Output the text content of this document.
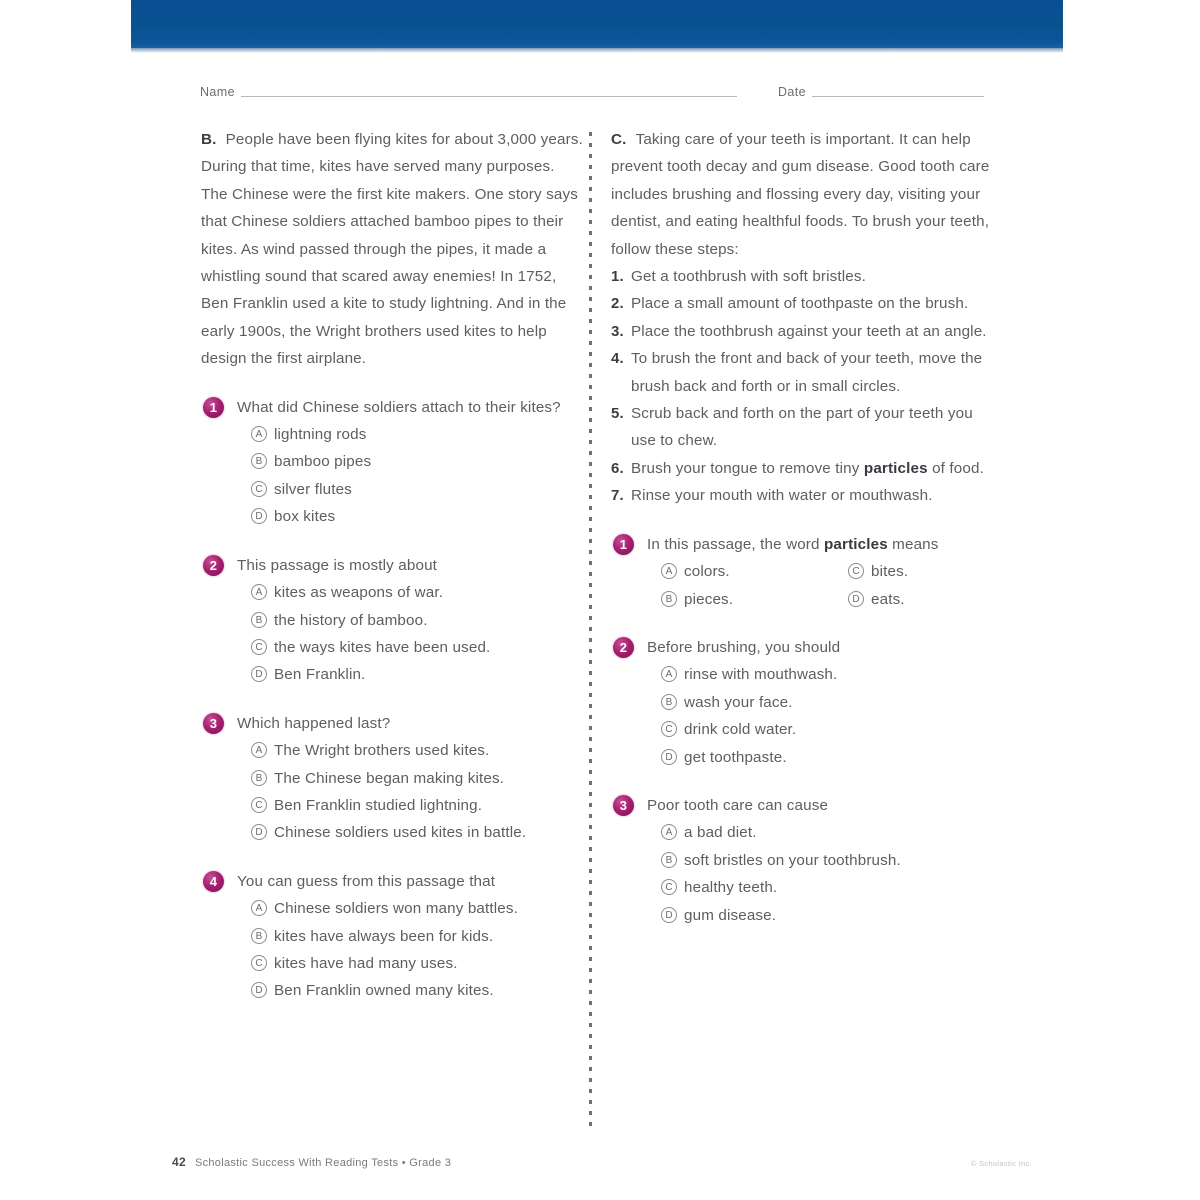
Name	Date

B. People have been flying kites for about 3,000 years. During that time, kites have served many purposes. The Chinese were the first kite makers. One story says that Chinese soldiers attached bamboo pipes to their kites. As wind passed through the pipes, it made a whistling sound that scared away enemies! In 1752, Ben Franklin used a kite to study lightning. And in the early 1900s, the Wright brothers used kites to help design the first airplane.

1	What did Chinese soldiers attach to their kites?

A lightning rods
B bamboo pipes
C silver flutes
D box kites
2	This passage is mostly about

A kites as weapons of war.
B the history of bamboo.
C the ways kites have been used.
D Ben Franklin.
3	Which happened last?

A The Wright brothers used kites.
B The Chinese began making kites.
C Ben Franklin studied lightning.
D Chinese soldiers used kites in battle.
4	You can guess from this passage that

A Chinese soldiers won many battles.
B kites have always been for kids.
C kites have had many uses.
D Ben Franklin owned many kites.

C. Taking care of your teeth is important. It can help prevent tooth decay and gum disease. Good tooth care includes brushing and flossing every day, visiting your dentist, and eating healthful foods. To brush your teeth, follow these steps:

1. Get a toothbrush with soft bristles.
2. Place a small amount of toothpaste on the brush.
3. Place the toothbrush against your teeth at an angle.
4. To brush the front and back of your teeth, move the brush back and forth or in small circles.
5. Scrub back and forth on the part of your teeth you use to chew.
6. Brush your tongue to remove tiny particles of food.
7. Rinse your mouth with water or mouthwash.
1	In this passage, the word particles means

A colors.	C bites.
B pieces.	D eats.
2	Before brushing, you should

A rinse with mouthwash.
B wash your face.
C drink cold water.
D get toothpaste.
3	Poor tooth care can cause

A a bad diet.
B soft bristles on your toothbrush.
C healthy teeth.
D gum disease.
42 Scholastic Success With Reading Tests • Grade 3	© Scholastic Inc.
